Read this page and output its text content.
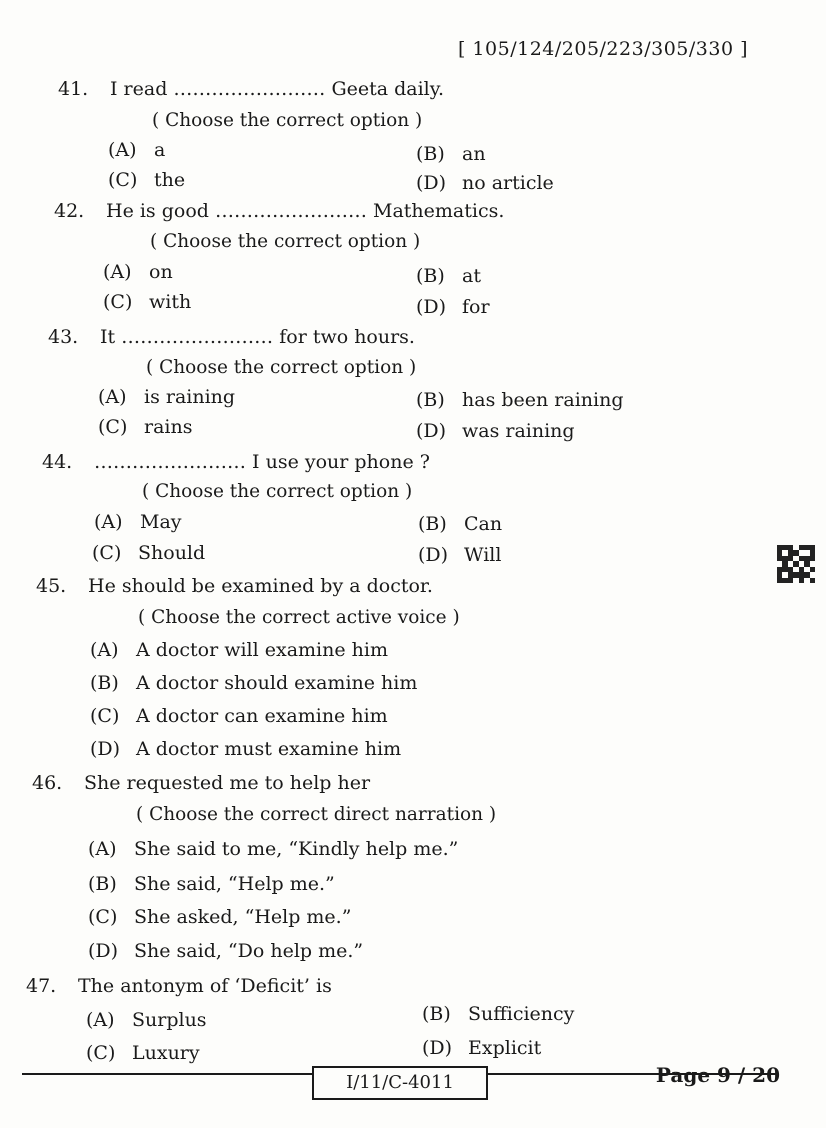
[ 105/124/205/223/305/330 ]
41. I read …………………… Geeta daily.
( Choose the correct option )
(A) a	(B) an
(C) the	(D) no article
42. He is good …………………… Mathematics.
( Choose the correct option )
(A) on	(B) at
(C) with	(D) for
43. It …………………… for two hours.
( Choose the correct option )
(A) is raining	(B) has been raining
(C) rains	(D) was raining
44. …………………… I use your phone ?
( Choose the correct option )
(A) May	(B) Can
(C) Should	(D) Will
45. He should be examined by a doctor.
( Choose the correct active voice )
(A) A doctor will examine him
(B) A doctor should examine him
(C) A doctor can examine him
(D) A doctor must examine him
46. She requested me to help her
( Choose the correct direct narration )
(A) She said to me, “Kindly help me.”
(B) She said, “Help me.”
(C) She asked, “Help me.”
(D) She said, “Do help me.”
47. The antonym of ‘Deficit’ is
(A) Surplus	(B) Sufficiency
(C) Luxury	(D) Explicit
I/11/C-4011	Page 9 / 20
